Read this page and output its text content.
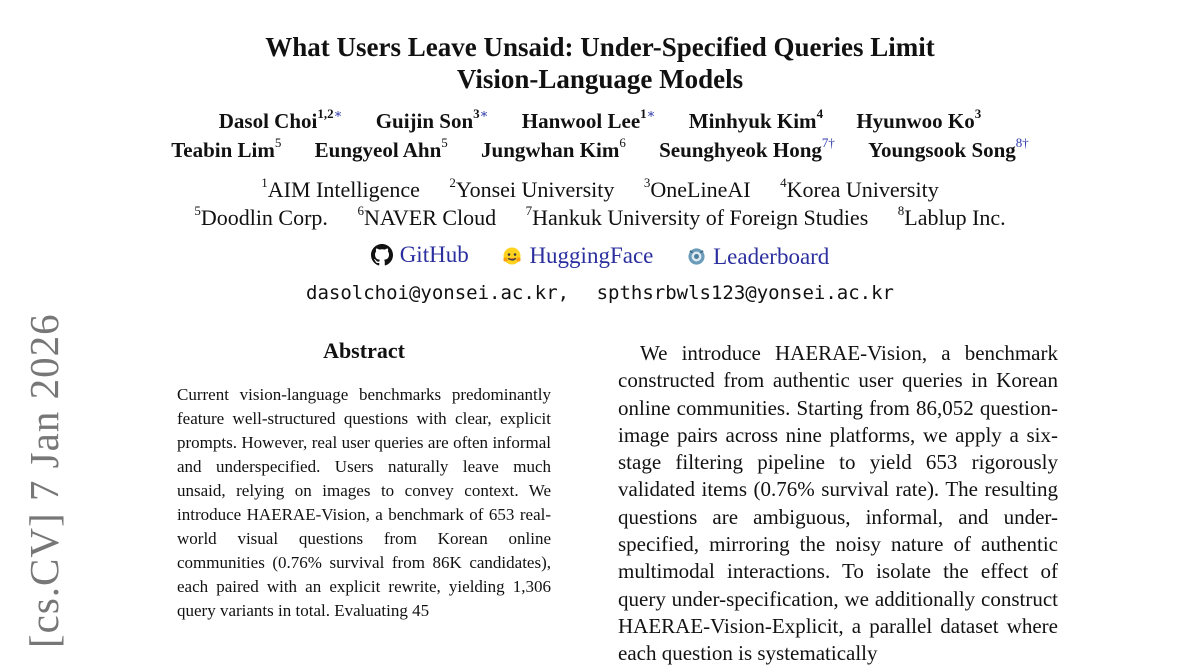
What Users Leave Unsaid: Under-Specified Queries Limit
Vision-Language Models
Dasol Choi$^{1,2∗}$ Guijin Son$^{3∗}$ Hanwool Lee$^{1∗}$ Minhyuk Kim$^4$ Hyunwoo Ko$^3$
Teabin Lim$^5$ Eungyeol Ahn$^5$ Jungwhan Kim$^6$ Seunghyeok Hong$^{7\dagger}$ Youngsook Song$^{8\dagger}$
$^1$AIM Intelligence $^2$Yonsei University $^3$OneLineAI $^4$Korea University
$^5$Doodlin Corp. $^6$NAVER Cloud $^7$Hankuk University of Foreign Studies $^8$Lablup Inc.
GitHub
	HuggingFace
	Leaderboard
dasolchoi@yonsei.ac.kr, spthsrbwls123@yonsei.ac.kr
[cs.CV] 7 Jan 2026	Abstract
Current vision-language benchmarks predominantly feature well-structured questions with clear, explicit prompts. However, real user queries are often informal and underspecified. Users naturally leave much unsaid, relying on images to convey context. We introduce HAERAE-Vision, a benchmark of 653 real-world visual questions from Korean online communities (0.76% survival from 86K candidates), each paired with an explicit rewrite, yielding 1,306 query variants in total. Evaluating 45
We introduce HAERAE-Vision, a benchmark constructed from authentic user queries in Korean online communities. Starting from 86,052 question-image pairs across nine platforms, we apply a six-stage filtering pipeline to yield 653 rigorously validated items (0.76% survival rate). The resulting questions are ambiguous, informal, and under-specified, mirroring the noisy nature of authentic multimodal interactions. To isolate the effect of query under-specification, we additionally construct HAERAE-Vision-Explicit, a parallel dataset where each question is systematically
